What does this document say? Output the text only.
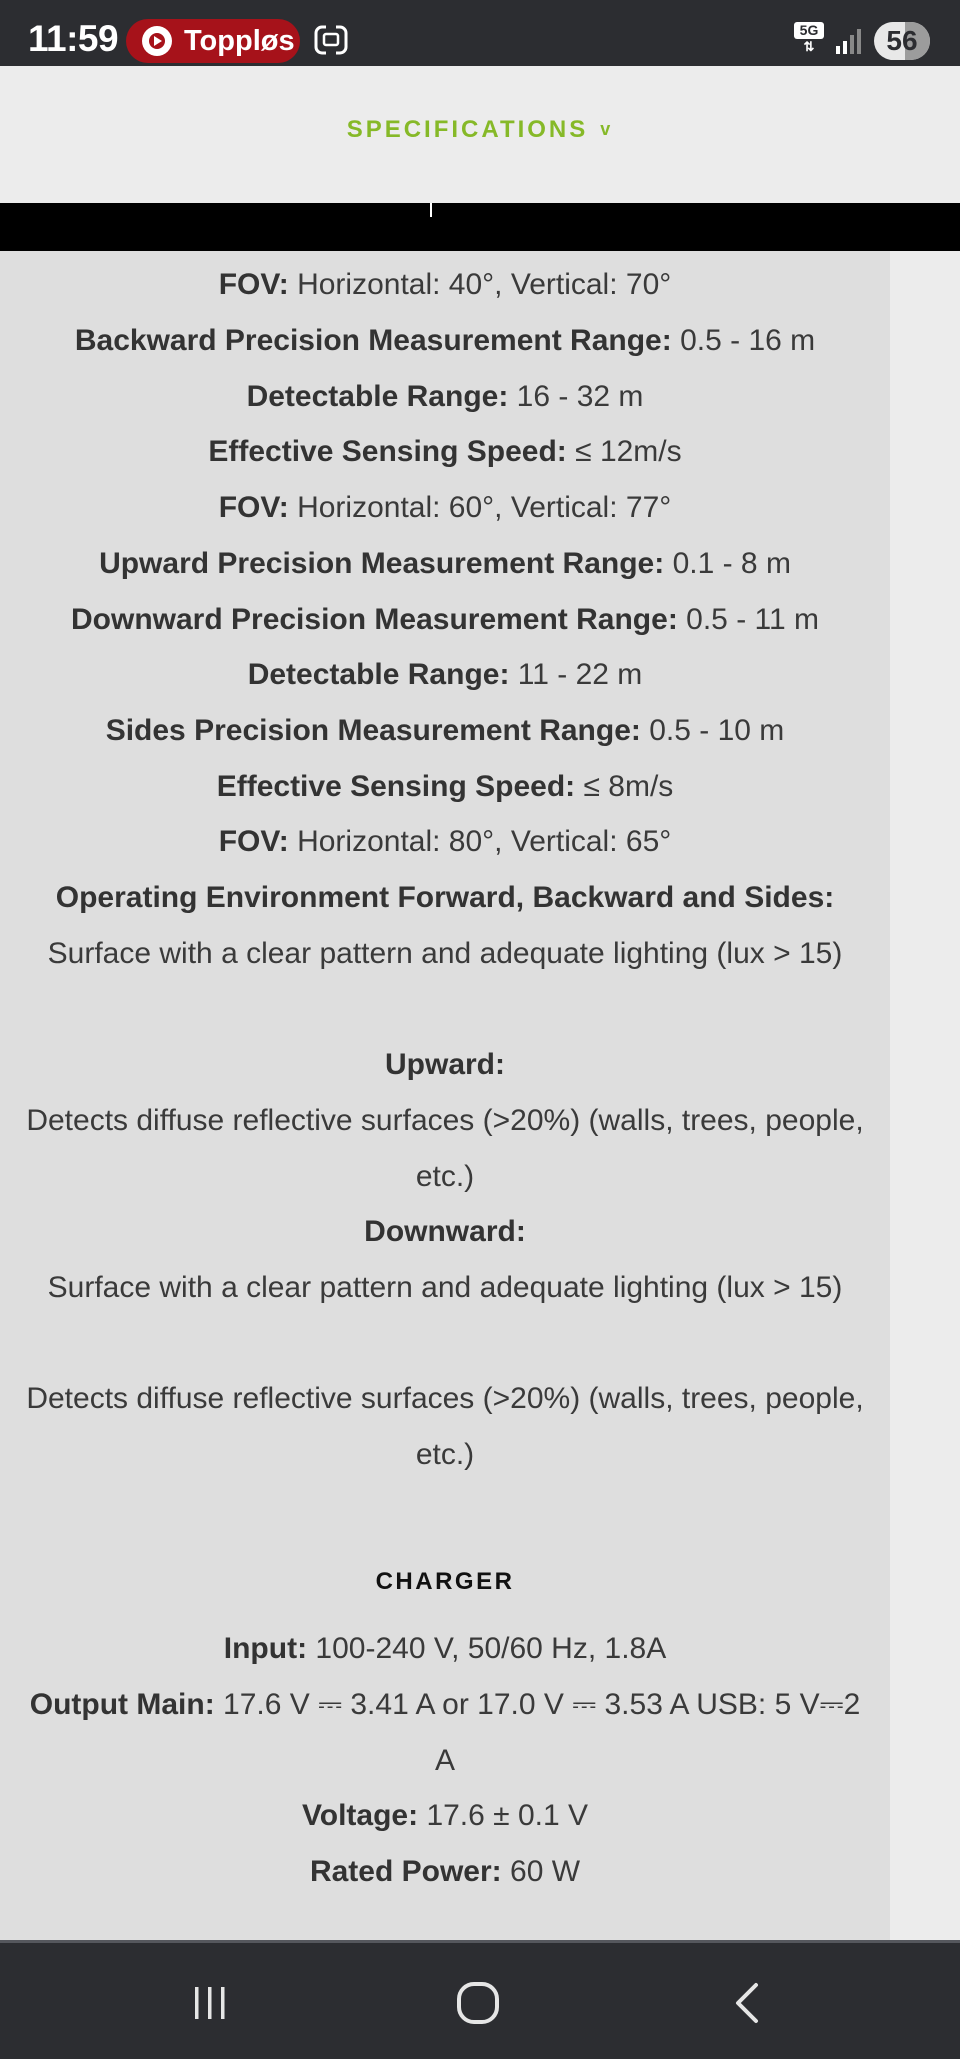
11:59 Toppløs	5G
⇅	56
SPECIFICATIONS v
FOV: Horizontal: 40°, Vertical: 70°
Backward Precision Measurement Range: 0.5 - 16 m
Detectable Range: 16 - 32 m
Effective Sensing Speed: ≤ 12m/s
FOV: Horizontal: 60°, Vertical: 77°
Upward Precision Measurement Range: 0.1 - 8 m
Downward Precision Measurement Range: 0.5 - 11 m
Detectable Range: 11 - 22 m
Sides Precision Measurement Range: 0.5 - 10 m
Effective Sensing Speed: ≤ 8m/s
FOV: Horizontal: 80°, Vertical: 65°
Operating Environment Forward, Backward and Sides:
Surface with a clear pattern and adequate lighting (lux > 15)
Upward:
Detects diffuse reflective surfaces (>20%) (walls, trees, people, etc.)
Downward:
Surface with a clear pattern and adequate lighting (lux > 15)
Detects diffuse reflective surfaces (>20%) (walls, trees, people, etc.)
CHARGER
Input: 100-240 V, 50/60 Hz, 1.8A
Output Main: 17.6 V ⎓ 3.41 A or 17.0 V ⎓ 3.53 A USB: 5 V⎓2 A
Voltage: 17.6 ± 0.1 V
Rated Power: 60 W
